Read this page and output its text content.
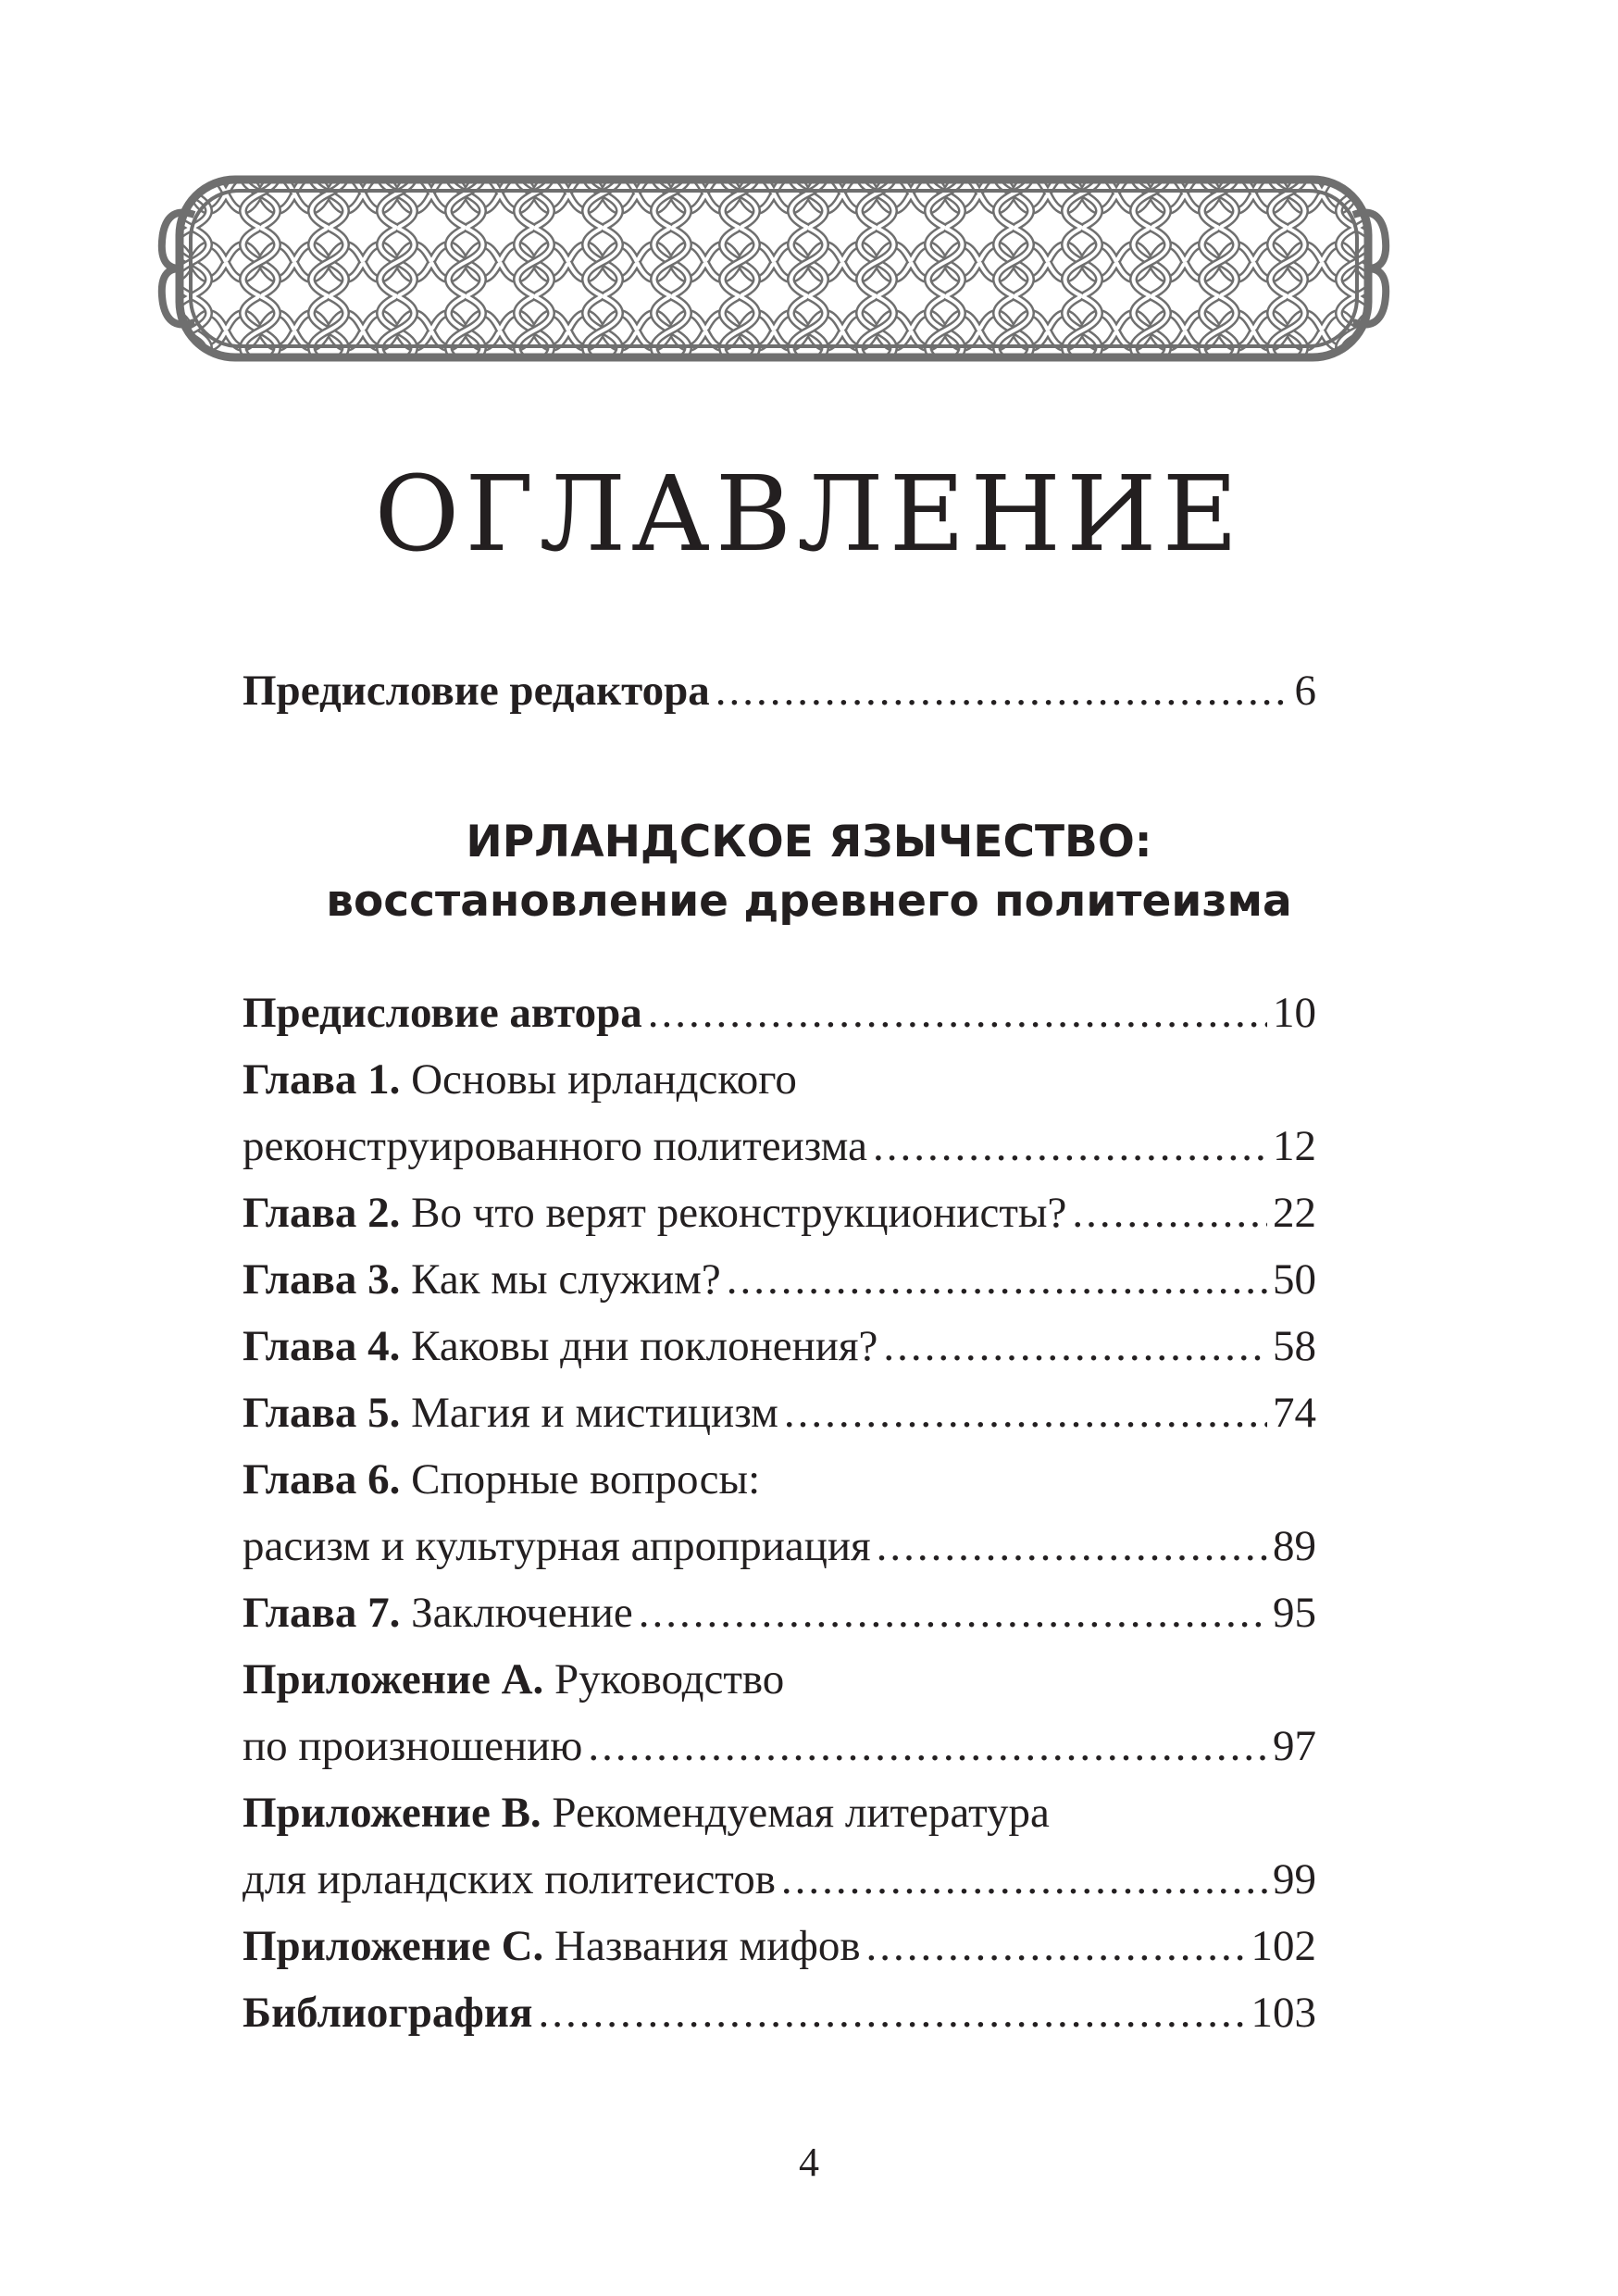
ОГЛАВЛЕНИЕ
Предисловие редактора .....	6
ИРЛАНДСКОЕ ЯЗЫЧЕСТВО:
восстановление древнего политеизма
Предисловие автора .....	10
Глава 1. Основы ирландского
реконструированного политеизма .....	12
Глава 2. Во что верят реконструкционисты? .....	22
Глава 3. Как мы служим? .....	50
Глава 4. Каковы дни поклонения? .....	58
Глава 5. Магия и мистицизм .....	74
Глава 6. Спорные вопросы:
расизм и культурная апроприация .....	89
Глава 7. Заключение .....	95
Приложение А. Руководство
по произношению .....	97
Приложение B. Рекомендуемая литература
для ирландских политеистов .....	99
Приложение C. Названия мифов .....	102
Библиография .....	103
4
